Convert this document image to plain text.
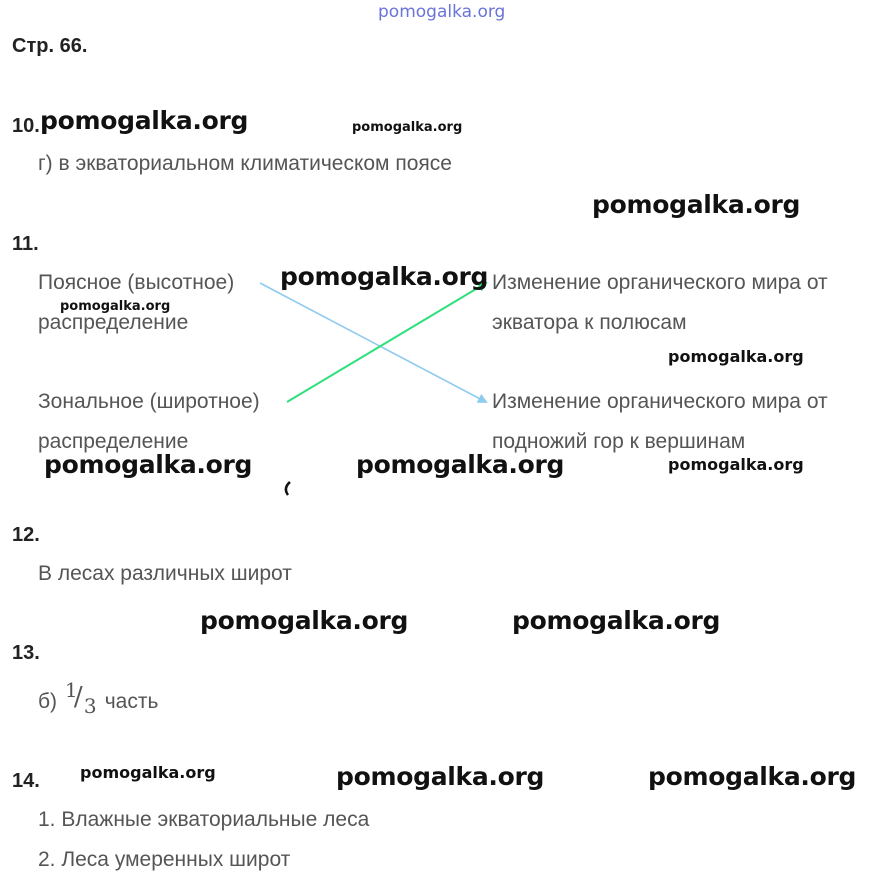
pomogalka.org
Стр. 66.
10.
г) в экваториальном климатическом поясе
11.
Поясное (высотное)
распределение
Зональное (широтное)
распределение
Изменение органического мира от
экватора к полюсам
Изменение органического мира от
подножий гор к вершинам
12.
В лесах различных широт
13.
б) 1
/ 3 часть
14.
1. Влажные экваториальные леса
2. Леса умеренных широт
pomogalka.org	pomogalka.org
pomogalka.org
pomogalka.org
pomogalka.org
pomogalka.org
pomogalka.org	pomogalka.org	pomogalka.org
pomogalka.org	pomogalka.org
pomogalka.org	pomogalka.org	pomogalka.org
